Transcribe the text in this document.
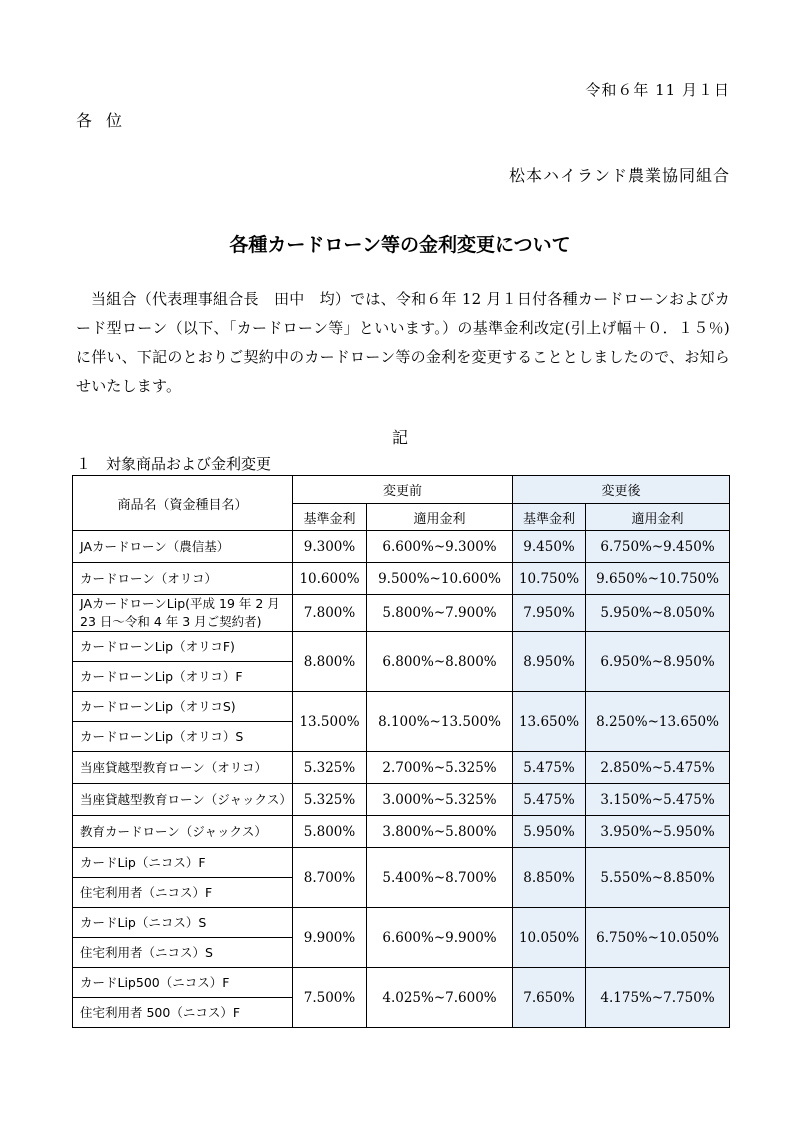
令和６年 11 月１日
各位
松本ハイランド農業協同組合
各種カードローン等の金利変更について
当組合（代表理事組合長　田中　均）では、令和６年 12 月１日付各種カードローンおよびカード型ローン（以下、「カードローン等」といいます。）の基準金利改定(引上げ幅＋０．１５％)に伴い、下記のとおりご契約中のカードローン等の金利を変更することとしましたので、お知らせいたします。
記
１　対象商品および金利変更
商品名（資金種目名）	変更前		変更後	
	基準金利	適用金利	基準金利	適用金利
JAカードローン（農信基）	9.300%	6.600%~9.300%	9.450%	6.750%~9.450%
カードローン（オリコ）	10.600%	9.500%~10.600%	10.750%	9.650%~10.750%
JAカードローンLip(平成 19 年 2 月 23 日～令和 4 年 3 月ご契約者)	7.800%	5.800%~7.900%	7.950%	5.950%~8.050%
カードローンLip（オリコF)	8.800%	6.800%~8.800%	8.950%	6.950%~8.950%
カードローンLip（オリコ）F				
カードローンLip（オリコS)	13.500%	8.100%~13.500%	13.650%	8.250%~13.650%
カードローンLip（オリコ）S				
当座貸越型教育ローン（オリコ）	5.325%	2.700%~5.325%	5.475%	2.850%~5.475%
当座貸越型教育ローン（ジャックス）	5.325%	3.000%~5.325%	5.475%	3.150%~5.475%
教育カードローン（ジャックス）	5.800%	3.800%~5.800%	5.950%	3.950%~5.950%
カードLip（ニコス）F	8.700%	5.400%~8.700%	8.850%	5.550%~8.850%
住宅利用者（ニコス）F				
カードLip（ニコス）S	9.900%	6.600%~9.900%	10.050%	6.750%~10.050%
住宅利用者（ニコス）S				
カードLip500（ニコス）F	7.500%	4.025%~7.600%	7.650%	4.175%~7.750%
住宅利用者 500（ニコス）F				
